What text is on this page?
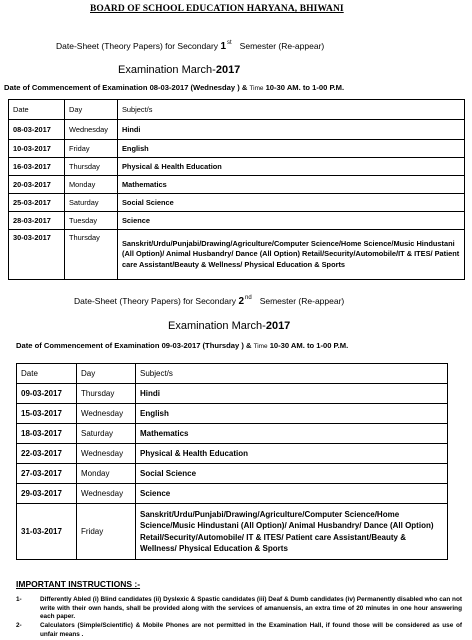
BOARD OF SCHOOL EDUCATION HARYANA, BHIWANI
Date-Sheet (Theory Papers) for Secondary 1st Semester (Re-appear)
Examination March-2017
Date of Commencement of Examination 08-03-2017 (Wednesday ) & Time 10-30 AM. to 1-00 P.M.
Date	Day	Subject/s
08-03-2017	Wednesday	Hindi
10-03-2017	Friday	English
16-03-2017	Thursday	Physical & Health Education
20-03-2017	Monday	Mathematics
25-03-2017	Saturday	Social Science
28-03-2017	Tuesday	Science
30-03-2017	Thursday	Sanskrit/Urdu/Punjabi/Drawing/Agriculture/Computer Science/Home Science/Music Hindustani (All Option)/ Animal Husbandry/ Dance (All Option) Retail/Security/Automobile/IT & ITES/ Patient care Assistant/Beauty & Wellness/ Physical Education & Sports
Date-Sheet (Theory Papers) for Secondary 2nd Semester (Re-appear)
Examination March-2017
Date of Commencement of Examination 09-03-2017 (Thursday ) & Time 10-30 AM. to 1-00 P.M.
Date	Day	Subject/s
09-03-2017	Thursday	Hindi
15-03-2017	Wednesday	English
18-03-2017	Saturday	Mathematics
22-03-2017	Wednesday	Physical & Health Education
27-03-2017	Monday	Social Science
29-03-2017	Wednesday	Science
31-03-2017	Friday	Sanskrit/Urdu/Punjabi/Drawing/Agriculture/Computer Science/Home Science/Music Hindustani (All Option)/ Animal Husbandry/ Dance (All Option) Retail/Security/Automobile/ IT & ITES/ Patient care Assistant/Beauty & Wellness/ Physical Education & Sports
IMPORTANT INSTRUCTIONS :-
1-	Differently Abled (i) Blind candidates (ii) Dyslexic & Spastic candidates (iii) Deaf & Dumb candidates (iv) Permanently disabled who can not write with their own hands, shall be provided along with the services of amanuensis, an extra time of 20 minutes in one hour answering each paper.
2-	Calculators (Simple/Scientific) & Mobile Phones are not permitted in the Examination Hall, if found those will be considered as use of unfair means .
